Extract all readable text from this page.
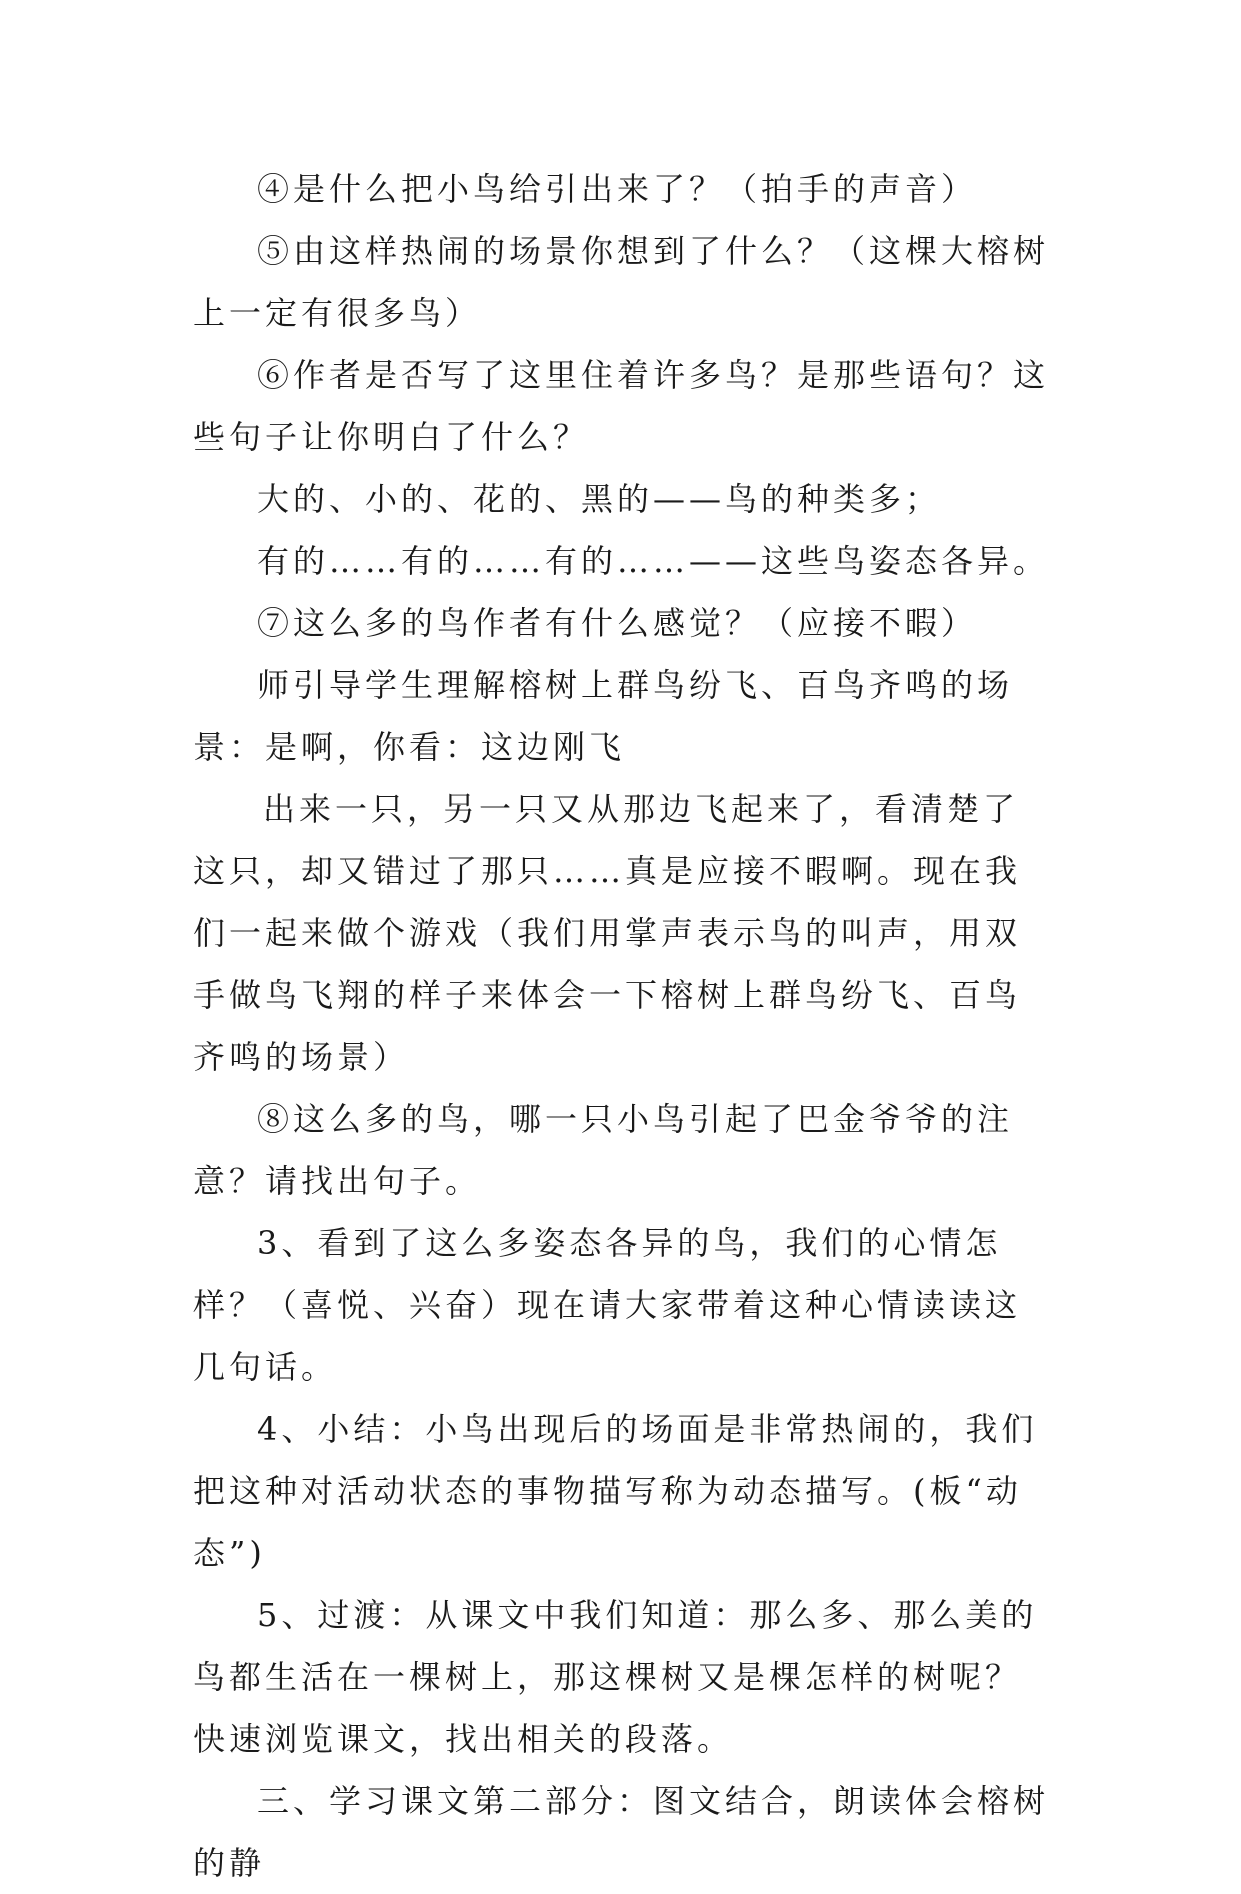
④是什么把小鸟给引出来了？（拍手的声音）

⑤由这样热闹的场景你想到了什么？（这棵大榕树上一定有很多鸟）

⑥作者是否写了这里住着许多鸟？是那些语句？这些句子让你明白了什么？

大的、小的、花的、黑的——鸟的种类多；

有的……有的……有的……——这些鸟姿态各异。

⑦这么多的鸟作者有什么感觉？（应接不暇）

师引导学生理解榕树上群鸟纷飞、百鸟齐鸣的场景：是啊，你看：这边刚飞

出来一只，另一只又从那边飞起来了，看清楚了这只，却又错过了那只……真是应接不暇啊。现在我们一起来做个游戏（我们用掌声表示鸟的叫声，用双手做鸟飞翔的样子来体会一下榕树上群鸟纷飞、百鸟齐鸣的场景）

⑧这么多的鸟，哪一只小鸟引起了巴金爷爷的注意？请找出句子。

3、看到了这么多姿态各异的鸟，我们的心情怎样？（喜悦、兴奋）现在请大家带着这种心情读读这几句话。

4、小结：小鸟出现后的场面是非常热闹的，我们把这种对活动状态的事物描写称为动态描写。(板“动态”)

5、过渡：从课文中我们知道：那么多、那么美的鸟都生活在一棵树上，那这棵树又是棵怎样的树呢？快速浏览课文，找出相关的段落。

三、学习课文第二部分：图文结合，朗读体会榕树的静
